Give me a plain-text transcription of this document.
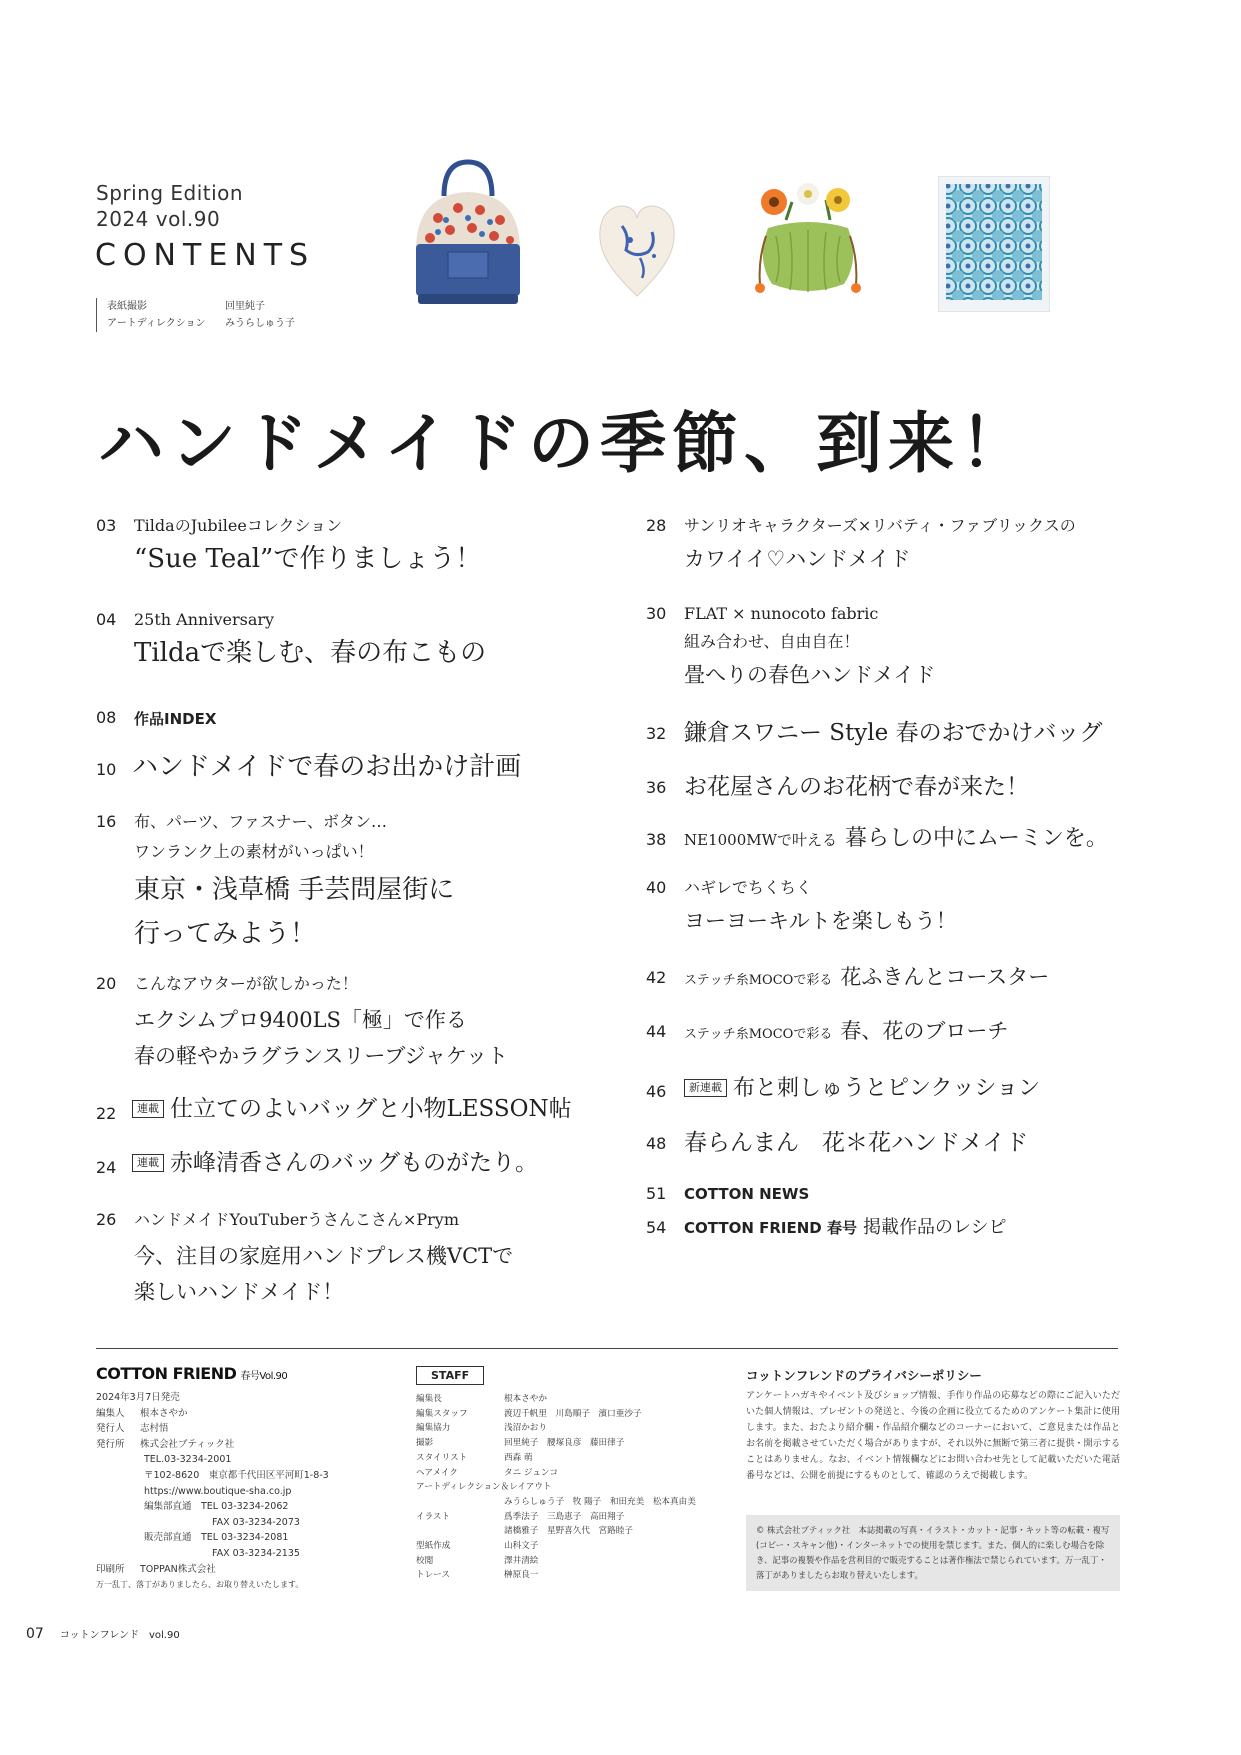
Spring Edition
2024 vol.90
CONTENTS
表紙撮影	回里純子
アートディレクション	みうらしゅう子
ハンドメイドの季節、到来！
03 TildaのJubileeコレクション
“Sue Teal”で作りましょう！
04 25th Anniversary
Tildaで楽しむ、春の布こもの
08 作品INDEX
10 ハンドメイドで春のお出かけ計画
16 布、パーツ、ファスナー、ボタン…
ワンランク上の素材がいっぱい！
東京・浅草橋 手芸問屋街に
行ってみよう！
20 こんなアウターが欲しかった！
エクシムプロ9400LS「極」で作る
春の軽やかラグランスリーブジャケット
22	連載 仕立てのよいバッグと小物LESSON帖
24	連載 赤峰清香さんのバッグものがたり。
26 ハンドメイドYouTuberうさんこさん×Prym
今、注目の家庭用ハンドプレス機VCTで
楽しいハンドメイド！
28 サンリオキャラクターズ×リバティ・ファブリックスの
カワイイ♡ハンドメイド
30 FLAT × nunocoto fabric
組み合わせ、自由自在！
畳へりの春色ハンドメイド
32 鎌倉スワニー Style 春のおでかけバッグ
36 お花屋さんのお花柄で春が来た！
38 NE1000MWで叶える 暮らしの中にムーミンを。
40 ハギレでちくちく
ヨーヨーキルトを楽しもう！
42 ステッチ糸MOCOで彩る 花ふきんとコースター
44 ステッチ糸MOCOで彩る 春、花のブローチ
46	新連載 布と刺しゅうとピンクッション
48 春らんまん　花＊花ハンドメイド
51 COTTON NEWS
54 COTTON FRIEND 春号 掲載作品のレシピ
COTTON FRIEND 春号Vol.90
2024年3月7日発売
編集人	根本さやか
発行人	志村悟
発行所	株式会社ブティック社
TEL.03-3234-2001
〒102-8620　東京都千代田区平河町1-8-3
https://www.boutique-sha.co.jp
編集部直通　TEL 03-3234-2062
FAX 03-3234-2073
販売部直通　TEL 03-3234-2081
FAX 03-3234-2135
印刷所	TOPPAN株式会社
万一乱丁、落丁がありましたら、お取り替えいたします。
STAFF
編集長	根本さやか
編集スタッフ	渡辺千帆里　川島順子　濱口亜沙子
編集協力	浅沼かおり
撮影	回里純子　腰塚良彦　藤田律子
スタイリスト	西森 萌
ヘアメイク	タニ ジュンコ
アートディレクション＆レイアウト
みうらしゅう子　牧 陽子　和田充美　松本真由美
イラスト	爲季法子　三島恵子　高田翔子
諸橋雅子　星野喜久代　宮路睦子
型紙作成	山科文子
校閲	澤井清絵
トレース	榊原良一
コットンフレンドのプライバシーポリシー
アンケートハガキやイベント及びショップ情報、手作り作品の応募などの際にご記入いただいた個人情報は、プレゼントの発送と、今後の企画に役立てるためのアンケート集計に使用します。また、おたより紹介欄・作品紹介欄などのコーナーにおいて、ご意見または作品とお名前を掲載させていただく場合がありますが、それ以外に無断で第三者に提供・開示することはありません。なお、イベント情報欄などにお問い合わせ先として記載いただいた電話番号などは、公開を前提にするものとして、確認のうえで掲載します。
© 株式会社ブティック社　本誌掲載の写真・イラスト・カット・記事・キット等の転載・複写(コピー・スキャン他)・インターネットでの使用を禁じます。また、個人的に楽しむ場合を除き、記事の複製や作品を営利目的で販売することは著作権法で禁じられています。万一乱丁・落丁がありましたらお取り替えいたします。
07 コットンフレンド　vol.90
